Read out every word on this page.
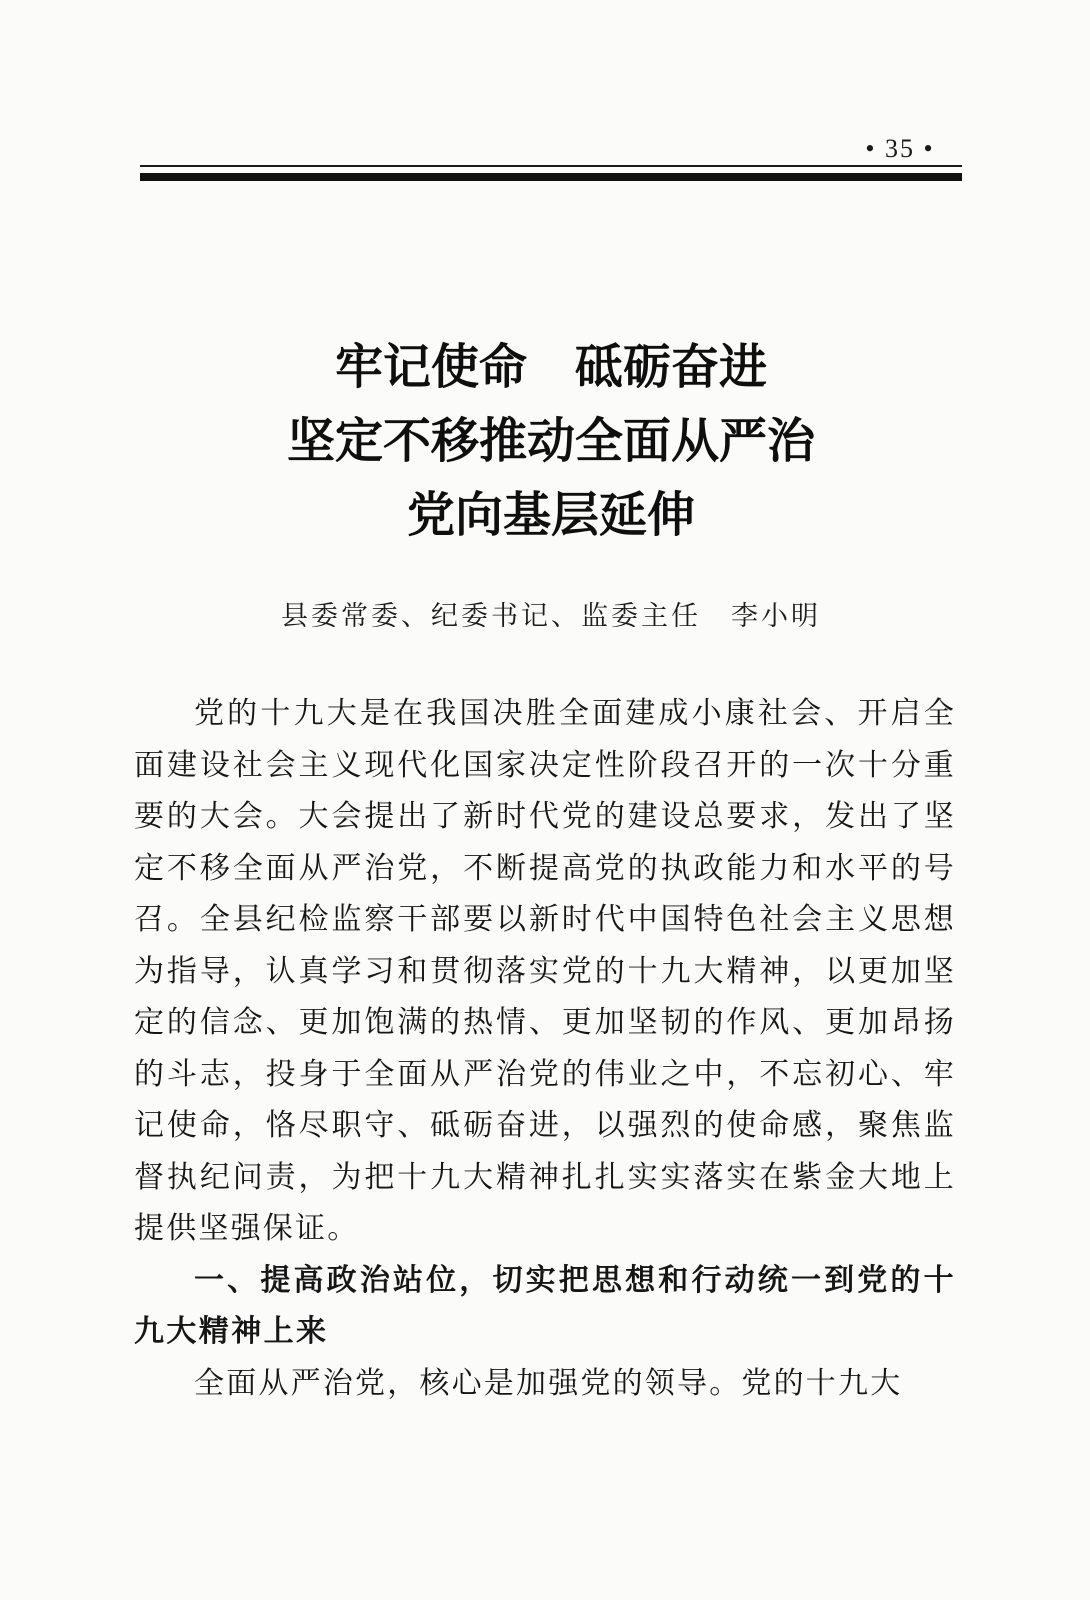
• 35 •
牢记使命　砥砺奋进
坚定不移推动全面从严治
党向基层延伸
县委常委、纪委书记、监委主任　李小明

党的十九大是在我国决胜全面建成小康社会、开启全面建设社会主义现代化国家决定性阶段召开的一次十分重要的大会。大会提出了新时代党的建设总要求，发出了坚定不移全面从严治党，不断提高党的执政能力和水平的号召。全县纪检监察干部要以新时代中国特色社会主义思想为指导，认真学习和贯彻落实党的十九大精神，以更加坚定的信念、更加饱满的热情、更加坚韧的作风、更加昂扬的斗志，投身于全面从严治党的伟业之中，不忘初心、牢记使命，恪尽职守、砥砺奋进，以强烈的使命感，聚焦监督执纪问责，为把十九大精神扎扎实实落实在紫金大地上提供坚强保证。

一、提高政治站位，切实把思想和行动统一到党的十九大精神上来

全面从严治党，核心是加强党的领导。党的十九大
